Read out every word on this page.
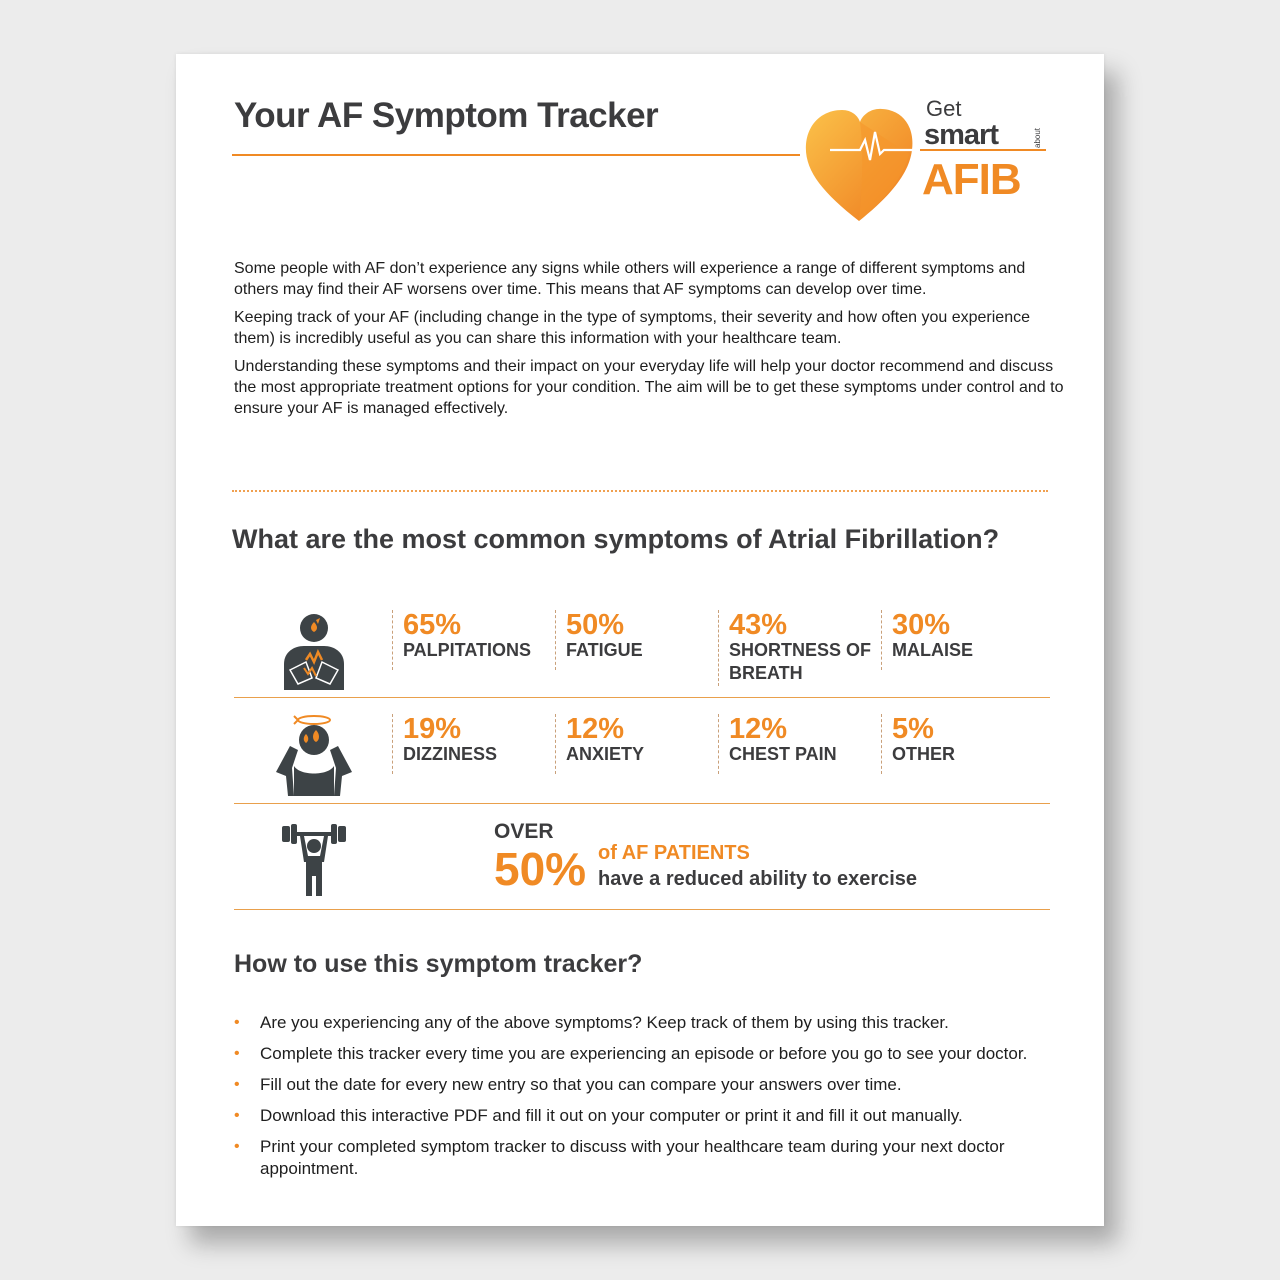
Your AF Symptom Tracker	Get
smart	about
AFIB

Some people with AF don’t experience any signs while others will experience a range of different symptoms and others may find their AF worsens over time. This means that AF symptoms can develop over time.

Keeping track of your AF (including change in the type of symptoms, their severity and how often you experience them) is incredibly useful as you can share this information with your healthcare team.

Understanding these symptoms and their impact on your everyday life will help your doctor recommend and discuss the most appropriate treatment options for your condition. The aim will be to get these symptoms under control and to ensure your AF is managed effectively.

What are the most common symptoms of Atrial Fibrillation?
65%
PALPITATIONS
50%
FATIGUE
43%
SHORTNESS OF BREATH
30%
MALAISE
19%
DIZZINESS
12%
ANXIETY
12%
CHEST PAIN
5%
OTHER
OVER
50% of AF PATIENTS
have a reduced ability to exercise
How to use this symptom tracker?
• Are you experiencing any of the above symptoms? Keep track of them by using this tracker.
• Complete this tracker every time you are experiencing an episode or before you go to see your doctor.
• Fill out the date for every new entry so that you can compare your answers over time.
• Download this interactive PDF and fill it out on your computer or print it and fill it out manually.
• Print your completed symptom tracker to discuss with your healthcare team during your next doctor appointment.
